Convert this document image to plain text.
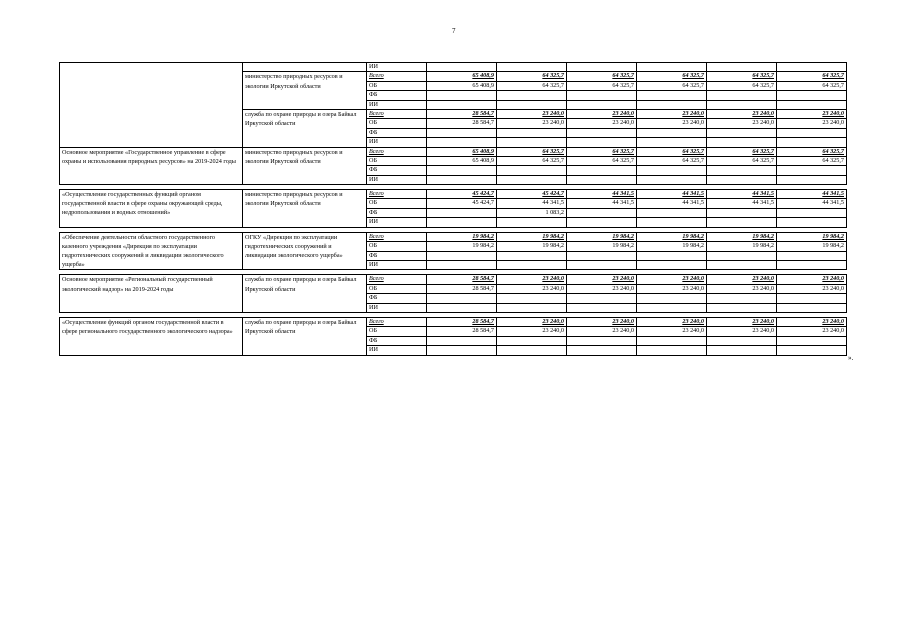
7
		ИИ						
	министерство природных ресурсов и экологии Иркутской области	Всего	65 408,9	64 325,7	64 325,7	64 325,7	64 325,7	64 325,7
		ОБ	65 408,9	64 325,7	64 325,7	64 325,7	64 325,7	64 325,7
		ФБ						
		ИИ						
	служба по охране природы и озера Байкал Иркутской области	Всего	28 584,7	23 240,0	23 240,0	23 240,0	23 240,0	23 240,0
		ОБ	28 584,7	23 240,0	23 240,0	23 240,0	23 240,0	23 240,0
		ФБ						
		ИИ						
Основное мероприятие «Государственное управление в сфере охраны и использования природных ресурсов» на 2019-2024 годы	министерство природных ресурсов и экологии Иркутской области	Всего	65 408,9	64 325,7	64 325,7	64 325,7	64 325,7	64 325,7
		ОБ	65 408,9	64 325,7	64 325,7	64 325,7	64 325,7	64 325,7
		ФБ						
		ИИ						

«Осуществление государственных функций органом государственной власти в сфере охраны окружающей среды, недропользования и водных отношений»	министерство природных ресурсов и экологии Иркутской области	Всего	45 424,7	45 424,7	44 341,5	44 341,5	44 341,5	44 341,5
		ОБ	45 424,7	44 341,5	44 341,5	44 341,5	44 341,5	44 341,5
		ФБ		1 083,2				
		ИИ						

«Обеспечение деятельности областного государственного казенного учреждения «Дирекция по эксплуатации гидротехнических сооружений и ликвидации экологического ущерба»	ОГКУ «Дирекция по эксплуатации гидротехнических сооружений и ликвидации экологического ущерба»	Всего	19 984,2	19 984,2	19 984,2	19 984,2	19 984,2	19 984,2
		ОБ	19 984,2	19 984,2	19 984,2	19 984,2	19 984,2	19 984,2
		ФБ						
		ИИ						

Основное мероприятие «Региональный государственный экологический надзор» на 2019-2024 годы	служба по охране природы и озера Байкал Иркутской области	Всего	28 584,7	23 240,0	23 240,0	23 240,0	23 240,0	23 240,0
		ОБ	28 584,7	23 240,0	23 240,0	23 240,0	23 240,0	23 240,0
		ФБ						
		ИИ						

«Осуществление функций органом государственной власти в сфере регионального государственного экологического надзора»	служба по охране природы и озера Байкал Иркутской области	Всего	28 584,7	23 240,0	23 240,0	23 240,0	23 240,0	23 240,0
		ОБ	28 584,7	23 240,0	23 240,0	23 240,0	23 240,0	23 240,0
		ФБ						
		ИИ						
».
